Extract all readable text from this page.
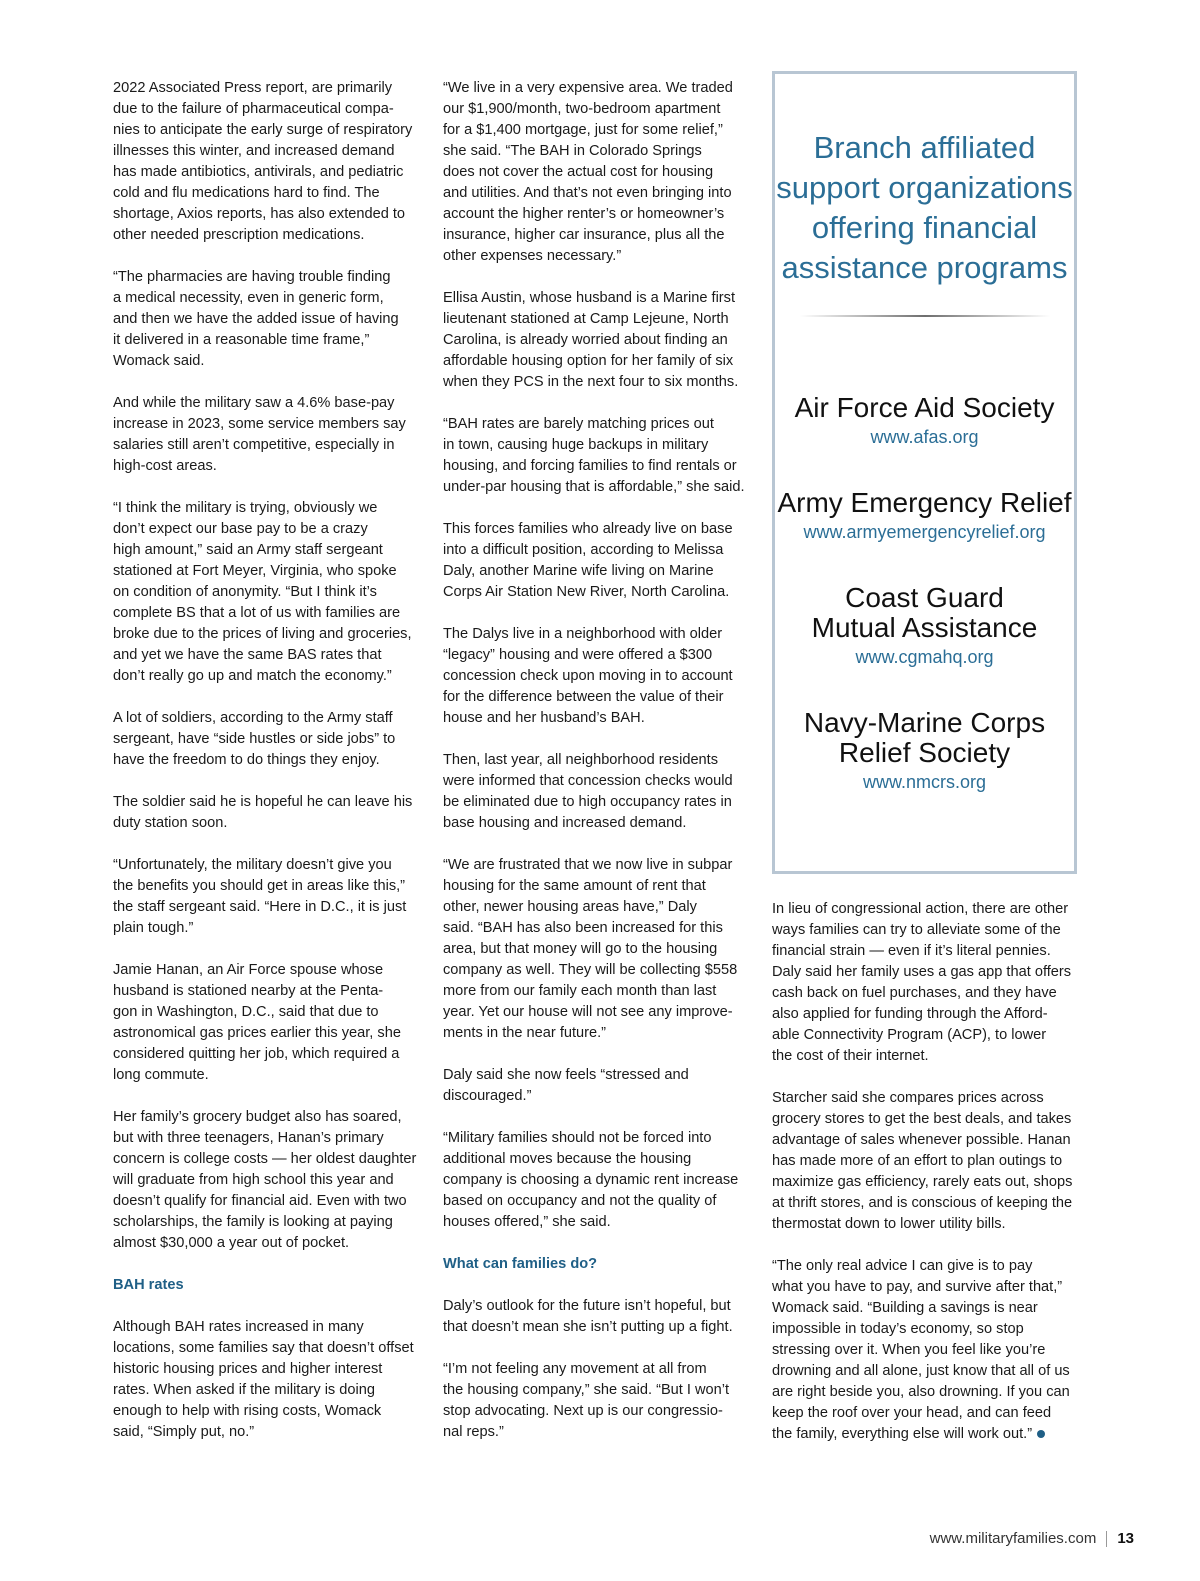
2022 Associated Press report, are primarily
due to the failure of pharmaceutical compa-
nies to anticipate the early surge of respiratory
illnesses this winter, and increased demand
has made antibiotics, antivirals, and pediatric
cold and flu medications hard to find. The
shortage, Axios reports, has also extended to
other needed prescription medications.

“The pharmacies are having trouble finding
a medical necessity, even in generic form,
and then we have the added issue of having
it delivered in a reasonable time frame,”
Womack said.

And while the military saw a 4.6% base-pay
increase in 2023, some service members say
salaries still aren’t competitive, especially in
high-cost areas.

“I think the military is trying, obviously we
don’t expect our base pay to be a crazy
high amount,” said an Army staff sergeant
stationed at Fort Meyer, Virginia, who spoke
on condition of anonymity. “But I think it’s
complete BS that a lot of us with families are
broke due to the prices of living and groceries,
and yet we have the same BAS rates that
don’t really go up and match the economy.”

A lot of soldiers, according to the Army staff
sergeant, have “side hustles or side jobs” to
have the freedom to do things they enjoy.

The soldier said he is hopeful he can leave his
duty station soon.

“Unfortunately, the military doesn’t give you
the benefits you should get in areas like this,”
the staff sergeant said. “Here in D.C., it is just
plain tough.”

Jamie Hanan, an Air Force spouse whose
husband is stationed nearby at the Penta-
gon in Washington, D.C., said that due to
astronomical gas prices earlier this year, she
considered quitting her job, which required a
long commute.

Her family’s grocery budget also has soared,
but with three teenagers, Hanan’s primary
concern is college costs — her oldest daughter
will graduate from high school this year and
doesn’t qualify for financial aid. Even with two
scholarships, the family is looking at paying
almost $30,000 a year out of pocket.

BAH rates

Although BAH rates increased in many
locations, some families say that doesn’t offset
historic housing prices and higher interest
rates. When asked if the military is doing
enough to help with rising costs, Womack
said, “Simply put, no.”

“We live in a very expensive area. We traded
our $1,900/month, two-bedroom apartment
for a $1,400 mortgage, just for some relief,”
she said. “The BAH in Colorado Springs
does not cover the actual cost for housing
and utilities. And that’s not even bringing into
account the higher renter’s or homeowner’s
insurance, higher car insurance, plus all the
other expenses necessary.”

Ellisa Austin, whose husband is a Marine first
lieutenant stationed at Camp Lejeune, North
Carolina, is already worried about finding an
affordable housing option for her family of six
when they PCS in the next four to six months.

“BAH rates are barely matching prices out
in town, causing huge backups in military
housing, and forcing families to find rentals or
under-par housing that is affordable,” she said.

This forces families who already live on base
into a difficult position, according to Melissa
Daly, another Marine wife living on Marine
Corps Air Station New River, North Carolina.

The Dalys live in a neighborhood with older
“legacy” housing and were offered a $300
concession check upon moving in to account
for the difference between the value of their
house and her husband’s BAH.

Then, last year, all neighborhood residents
were informed that concession checks would
be eliminated due to high occupancy rates in
base housing and increased demand.

“We are frustrated that we now live in subpar
housing for the same amount of rent that
other, newer housing areas have,” Daly
said. “BAH has also been increased for this
area, but that money will go to the housing
company as well. They will be collecting $558
more from our family each month than last
year. Yet our house will not see any improve-
ments in the near future.”

Daly said she now feels “stressed and
discouraged.”

“Military families should not be forced into
additional moves because the housing
company is choosing a dynamic rent increase
based on occupancy and not the quality of
houses offered,” she said.

What can families do?

Daly’s outlook for the future isn’t hopeful, but
that doesn’t mean she isn’t putting up a fight.

“I’m not feeling any movement at all from
the housing company,” she said. “But I won’t
stop advocating. Next up is our congressio-
nal reps.”

Branch affiliated
support organizations
offering financial
assistance programs
Air Force Aid Society
www.afas.org
Army Emergency Relief
www.armyemergencyrelief.org
Coast Guard
Mutual Assistance
www.cgmahq.org
Navy-Marine Corps
Relief Society
www.nmcrs.org

In lieu of congressional action, there are other
ways families can try to alleviate some of the
financial strain — even if it’s literal pennies.
Daly said her family uses a gas app that offers
cash back on fuel purchases, and they have
also applied for funding through the Afford-
able Connectivity Program (ACP), to lower
the cost of their internet.

Starcher said she compares prices across
grocery stores to get the best deals, and takes
advantage of sales whenever possible. Hanan
has made more of an effort to plan outings to
maximize gas efficiency, rarely eats out, shops
at thrift stores, and is conscious of keeping the
thermostat down to lower utility bills.

“The only real advice I can give is to pay
what you have to pay, and survive after that,”
Womack said. “Building a savings is near
impossible in today’s economy, so stop
stressing over it. When you feel like you’re
drowning and all alone, just know that all of us
are right beside you, also drowning. If you can
keep the roof over your head, and can feed
the family, everything else will work out.”

www.militaryfamilies.com 13
